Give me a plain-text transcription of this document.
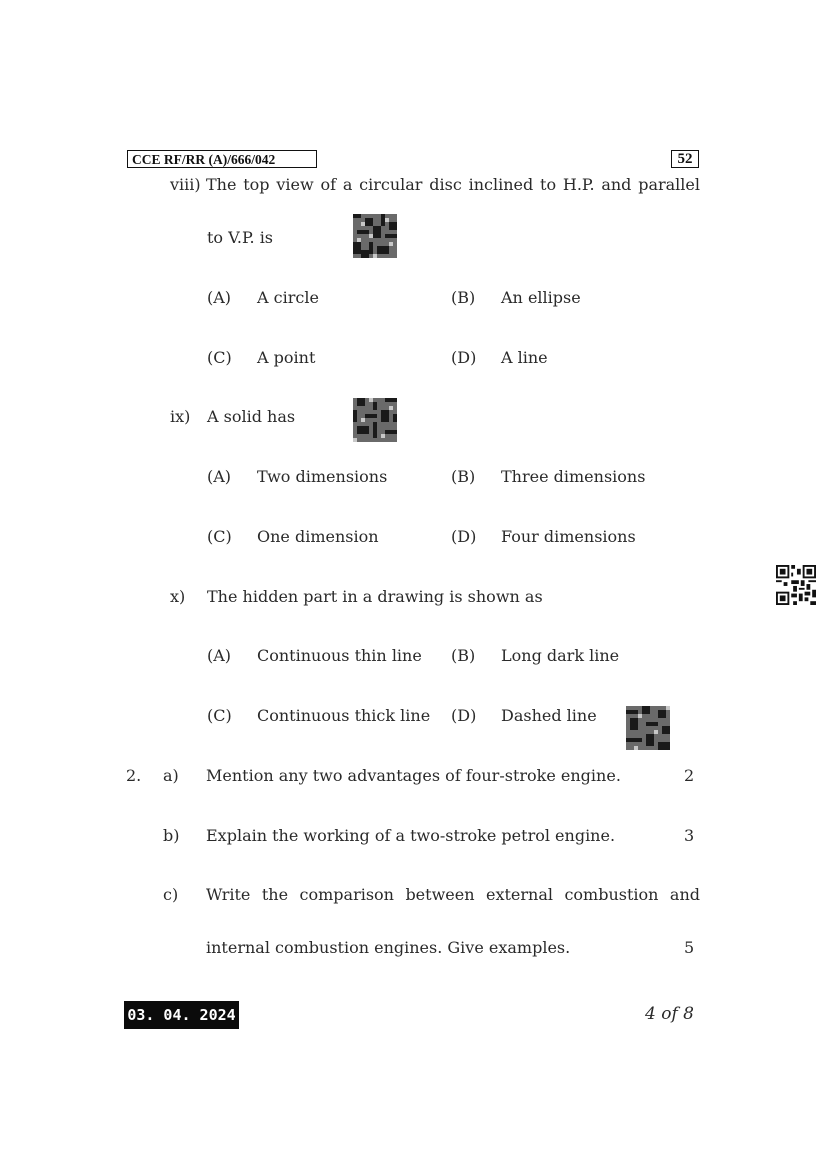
CCE RF/RR (A)/666/042	52
viii) The top view of a circular disc inclined to H.P. and parallel
to V.P. is
(A) A circle	(B) An ellipse
(C) A point	(D) A line
ix) A solid has
(A) Two dimensions	(B) Three dimensions
(C) One dimension	(D) Four dimensions
x) The hidden part in a drawing is shown as
(A) Continuous thin line (B) Long dark line
(C) Continuous thick line (D) Dashed line
2. a) Mention any two advantages of four-stroke engine.	2
b) Explain the working of a two-stroke petrol engine.	3
c) Write the comparison between external combustion and
internal combustion engines. Give examples.	5
03. 04. 2024	4 of 8
